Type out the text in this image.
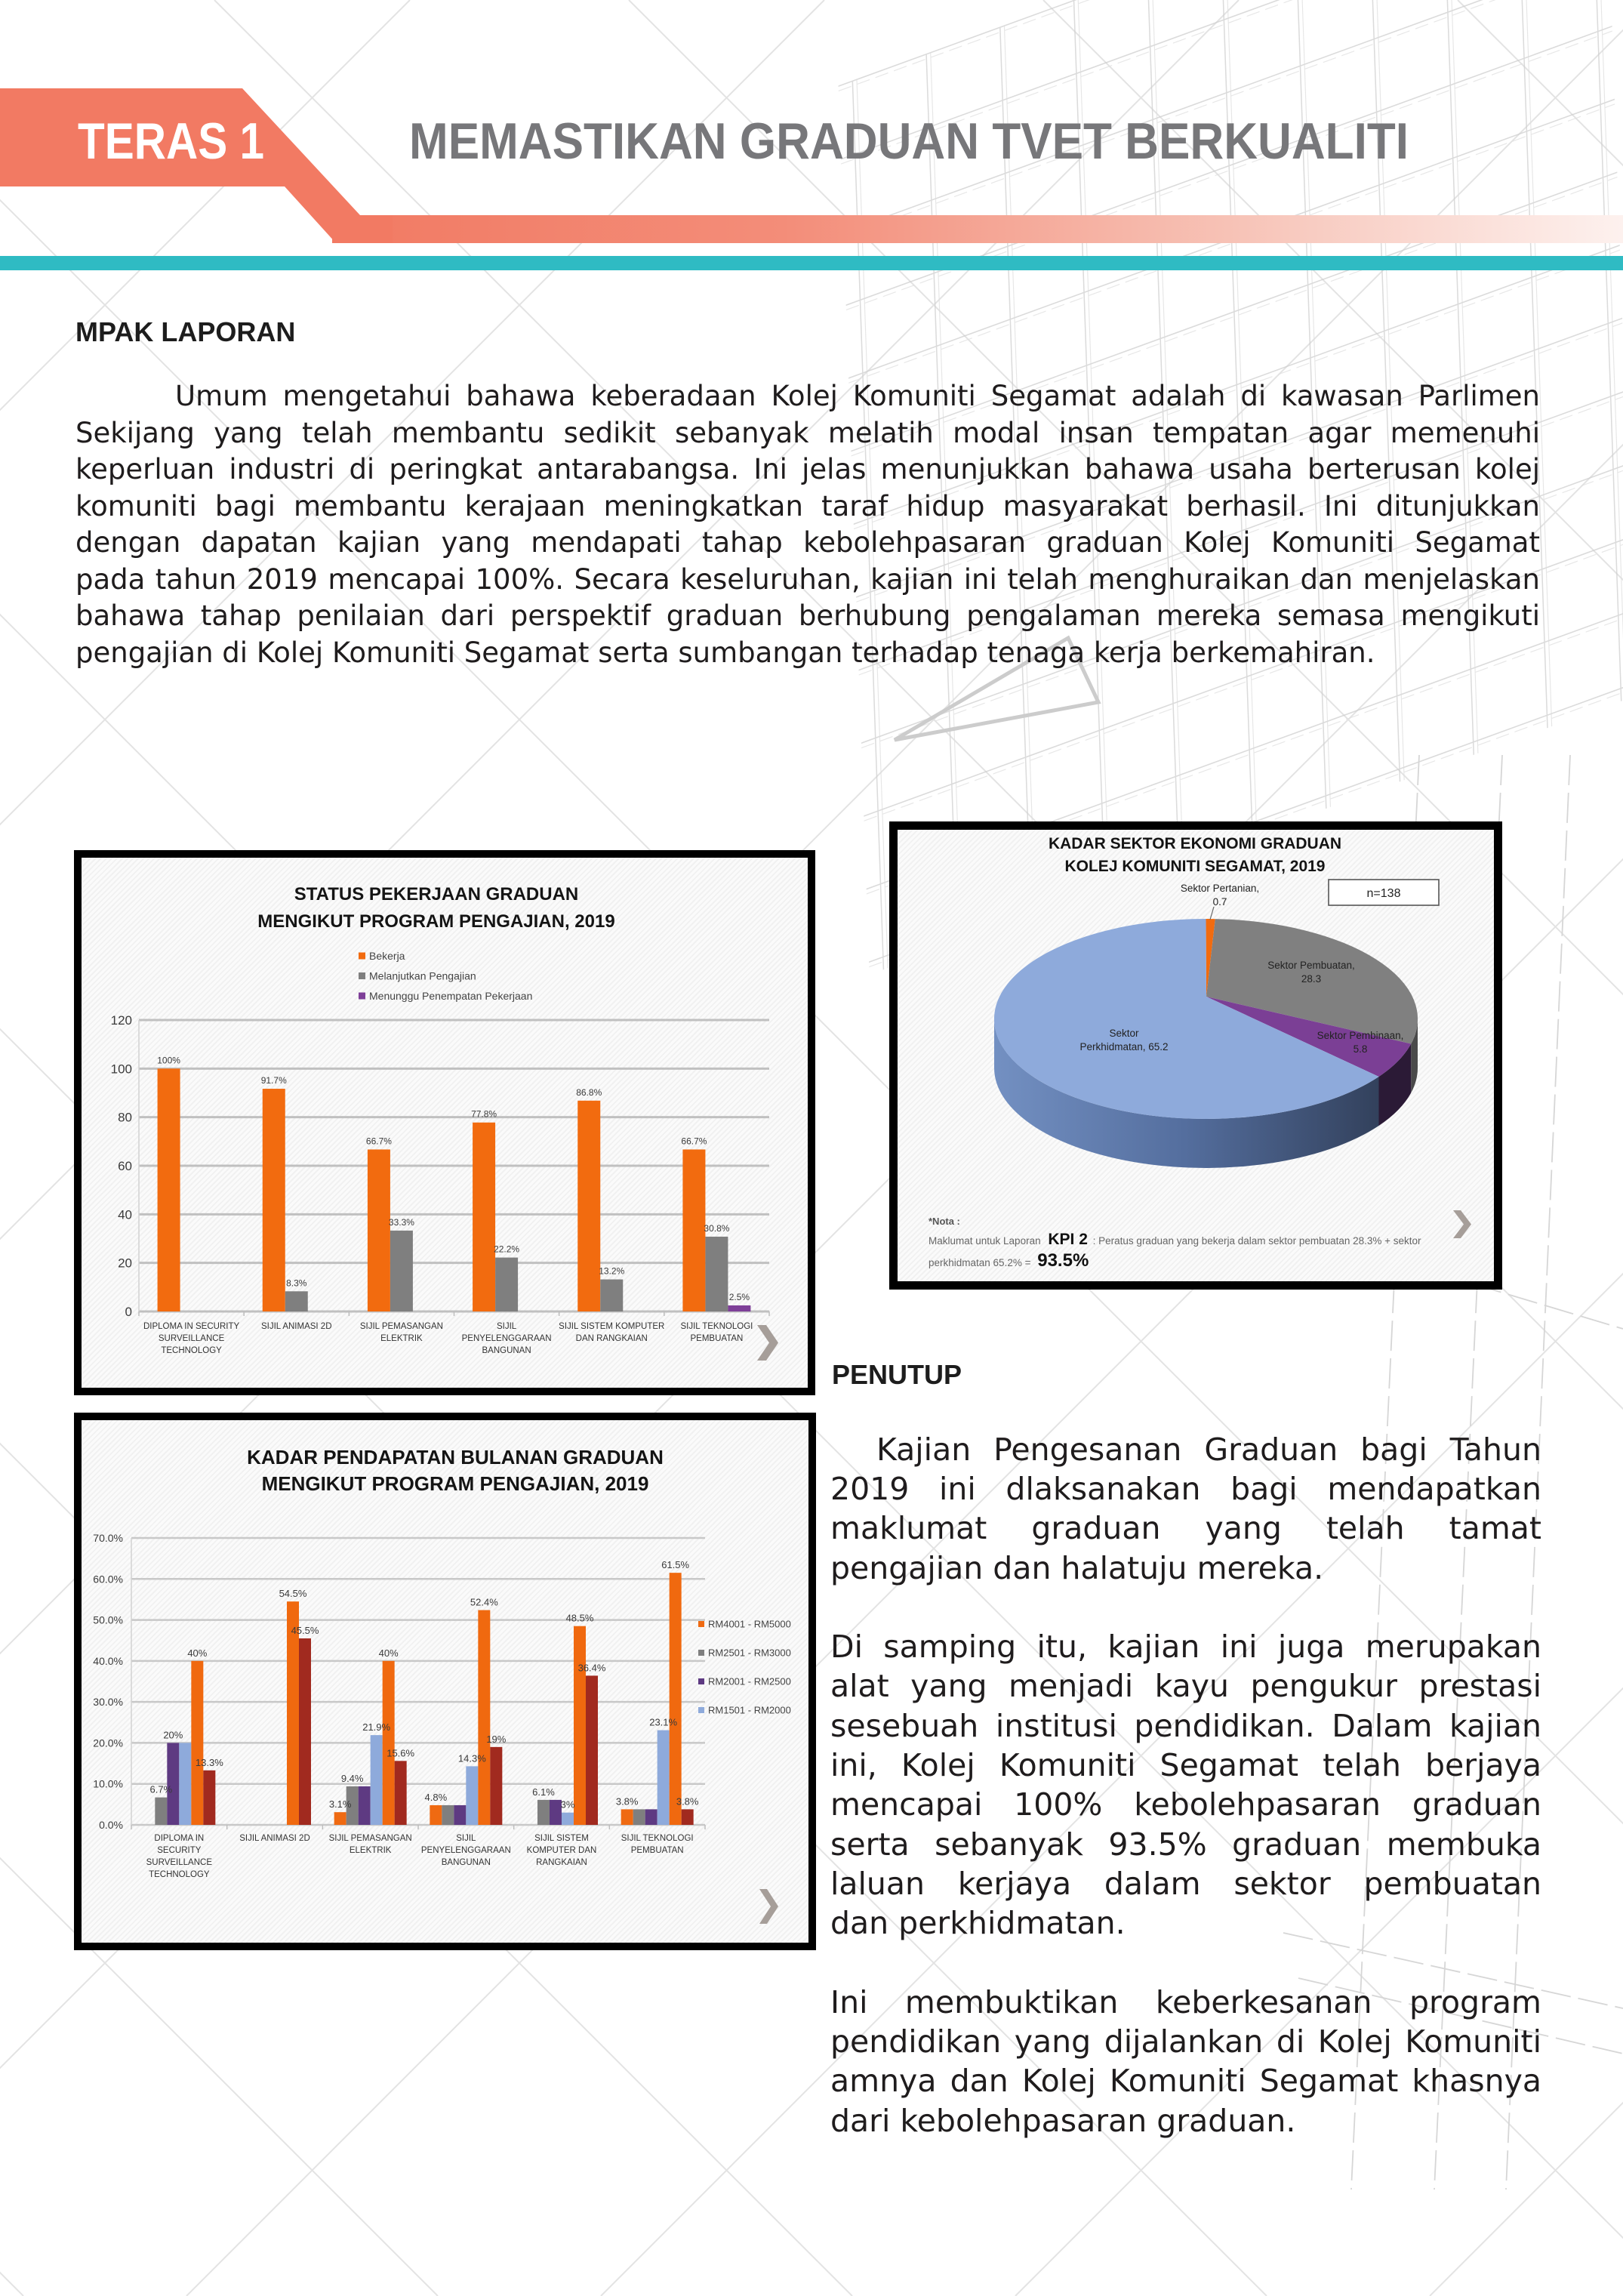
TERAS 1	MEMASTIKAN GRADUAN TVET BERKUALITI
MPAK LAPORAN
Umum mengetahui bahawa keberadaan Kolej Komuniti Segamat adalah di kawasan Parlimen
Sekijang yang telah membantu sedikit sebanyak melatih modal insan tempatan agar memenuhi
keperluan industri di peringkat antarabangsa. Ini jelas menunjukkan bahawa usaha berterusan kolej
komuniti bagi membantu kerajaan meningkatkan taraf hidup masyarakat berhasil. Ini ditunjukkan
dengan dapatan kajian yang mendapati tahap kebolehpasaran graduan Kolej Komuniti Segamat
pada tahun 2019 mencapai 100%. Secara keseluruhan, kajian ini telah menghuraikan dan menjelaskan
bahawa tahap penilaian dari perspektif graduan berhubung pengalaman mereka semasa mengikuti
pengajian di Kolej Komuniti Segamat serta sumbangan terhadap tenaga kerja berkemahiran.
STATUS PEKERJAAN GRADUAN
MENGIKUT PROGRAM PENGAJIAN, 2019
0
20
40
60
80
100
120
100%
91.7%
66.7%
77.8%
86.8%
66.7%
8.3%
33.3%
22.2%
13.2%
30.8%
2.5%
DIPLOMA IN SECURITY SURVEILLANCE TECHNOLOGY
SIJIL ANIMASI 2D	SIJIL PEMASANGAN ELEKTRIK
SIJIL PENYELENGGARAAN BANGUNAN
SIJIL SISTEM KOMPUTER DAN RANGKAIAN
SIJIL TEKNOLOGI PEMBUATAN
Bekerja
Melanjutkan Pengajian
Menunggu Penempatan Pekerjaan
KADAR SEKTOR EKONOMI GRADUAN
KOLEJ KOMUNITI SEGAMAT, 2019
n=138
Sektor Pertanian, 0.7
Sektor Pembuatan, 28.3
Sektor Pembinaan, 5.8
Sektor Perkhidmatan, 65.2
*Nota :
Maklumat untuk Laporan KPI 2 : Peratus graduan yang bekerja dalam sektor pembuatan 28.3% + sektor
perkhidmatan 65.2% = 93.5%
KADAR PENDAPATAN BULANAN GRADUAN
MENGIKUT PROGRAM PENGAJIAN, 2019
0.0%
10.0%
20.0%
30.0%
40.0%
50.0%
60.0%
70.0%
3.1%
4.8%	3.8%
6.7%
9.4%
6.1%
20%
21.9%
14.3%
3%
23.1%
40%
54.5%
40%
52.4%
48.5%
61.5%
13.3%
45.5%
15.6%
19%
36.4%
3.8%
DIPLOMA IN SECURITY SURVEILLANCE TECHNOLOGY
SIJIL ANIMASI 2D SIJIL PEMASANGAN ELEKTRIK
SIJIL PENYELENGGARAAN BANGUNAN
SIJIL SISTEM KOMPUTER DAN RANGKAIAN
SIJIL TEKNOLOGI PEMBUATAN
RM4001 - RM5000
RM2501 - RM3000
RM2001 - RM2500
RM1501 - RM2000
PENUTUP
Kajian Pengesanan Graduan bagi Tahun
2019 ini dlaksanakan bagi mendapatkan
maklumat graduan yang telah tamat
pengajian dan halatuju mereka.
Di samping itu, kajian ini juga merupakan
alat yang menjadi kayu pengukur prestasi
sesebuah institusi pendidikan. Dalam kajian
ini, Kolej Komuniti Segamat telah berjaya
mencapai 100% kebolehpasaran graduan
serta sebanyak 93.5% graduan membuka
laluan kerjaya dalam sektor pembuatan
dan perkhidmatan.
Ini membuktikan keberkesanan program
pendidikan yang dijalankan di Kolej Komuniti
amnya dan Kolej Komuniti Segamat khasnya
dari kebolehpasaran graduan.
